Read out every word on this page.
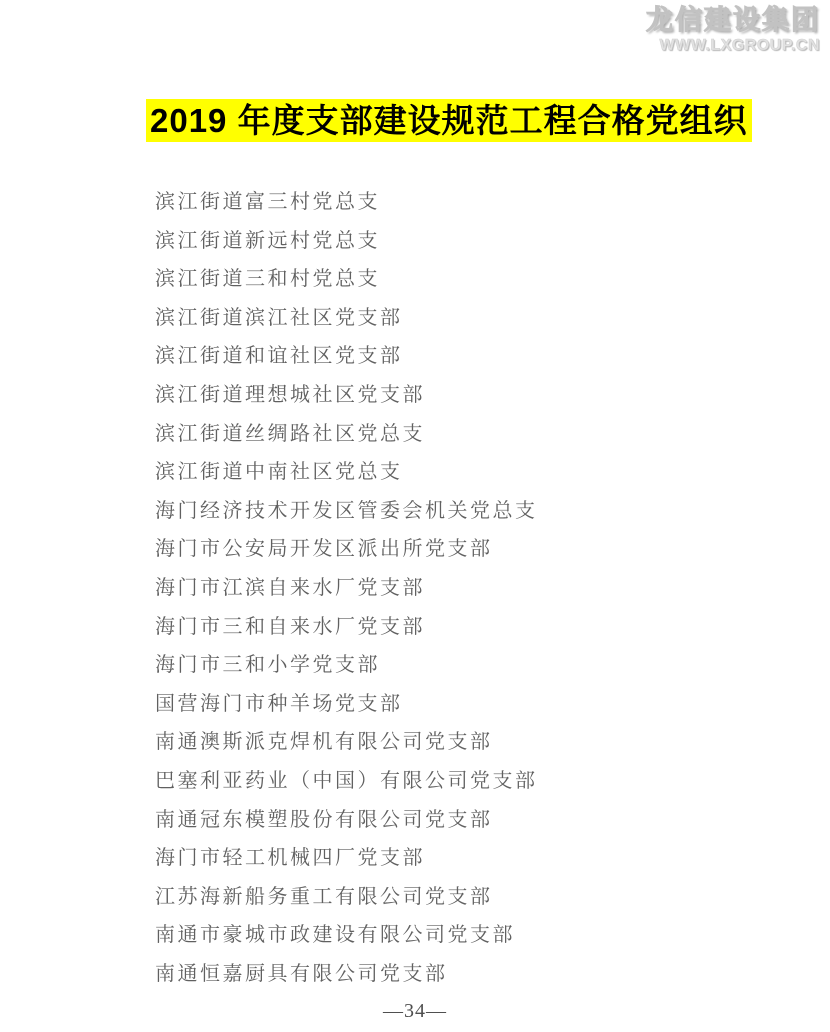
龙信建设集团
WWW.LXGROUP.CN
2019 年度支部建设规范工程合格党组织
滨江街道富三村党总支
滨江街道新远村党总支
滨江街道三和村党总支
滨江街道滨江社区党支部
滨江街道和谊社区党支部
滨江街道理想城社区党支部
滨江街道丝绸路社区党总支
滨江街道中南社区党总支
海门经济技术开发区管委会机关党总支
海门市公安局开发区派出所党支部
海门市江滨自来水厂党支部
海门市三和自来水厂党支部
海门市三和小学党支部
国营海门市种羊场党支部
南通澳斯派克焊机有限公司党支部
巴塞利亚药业（中国）有限公司党支部
南通冠东模塑股份有限公司党支部
海门市轻工机械四厂党支部
江苏海新船务重工有限公司党支部
南通市豪城市政建设有限公司党支部
南通恒嘉厨具有限公司党支部
—34—
